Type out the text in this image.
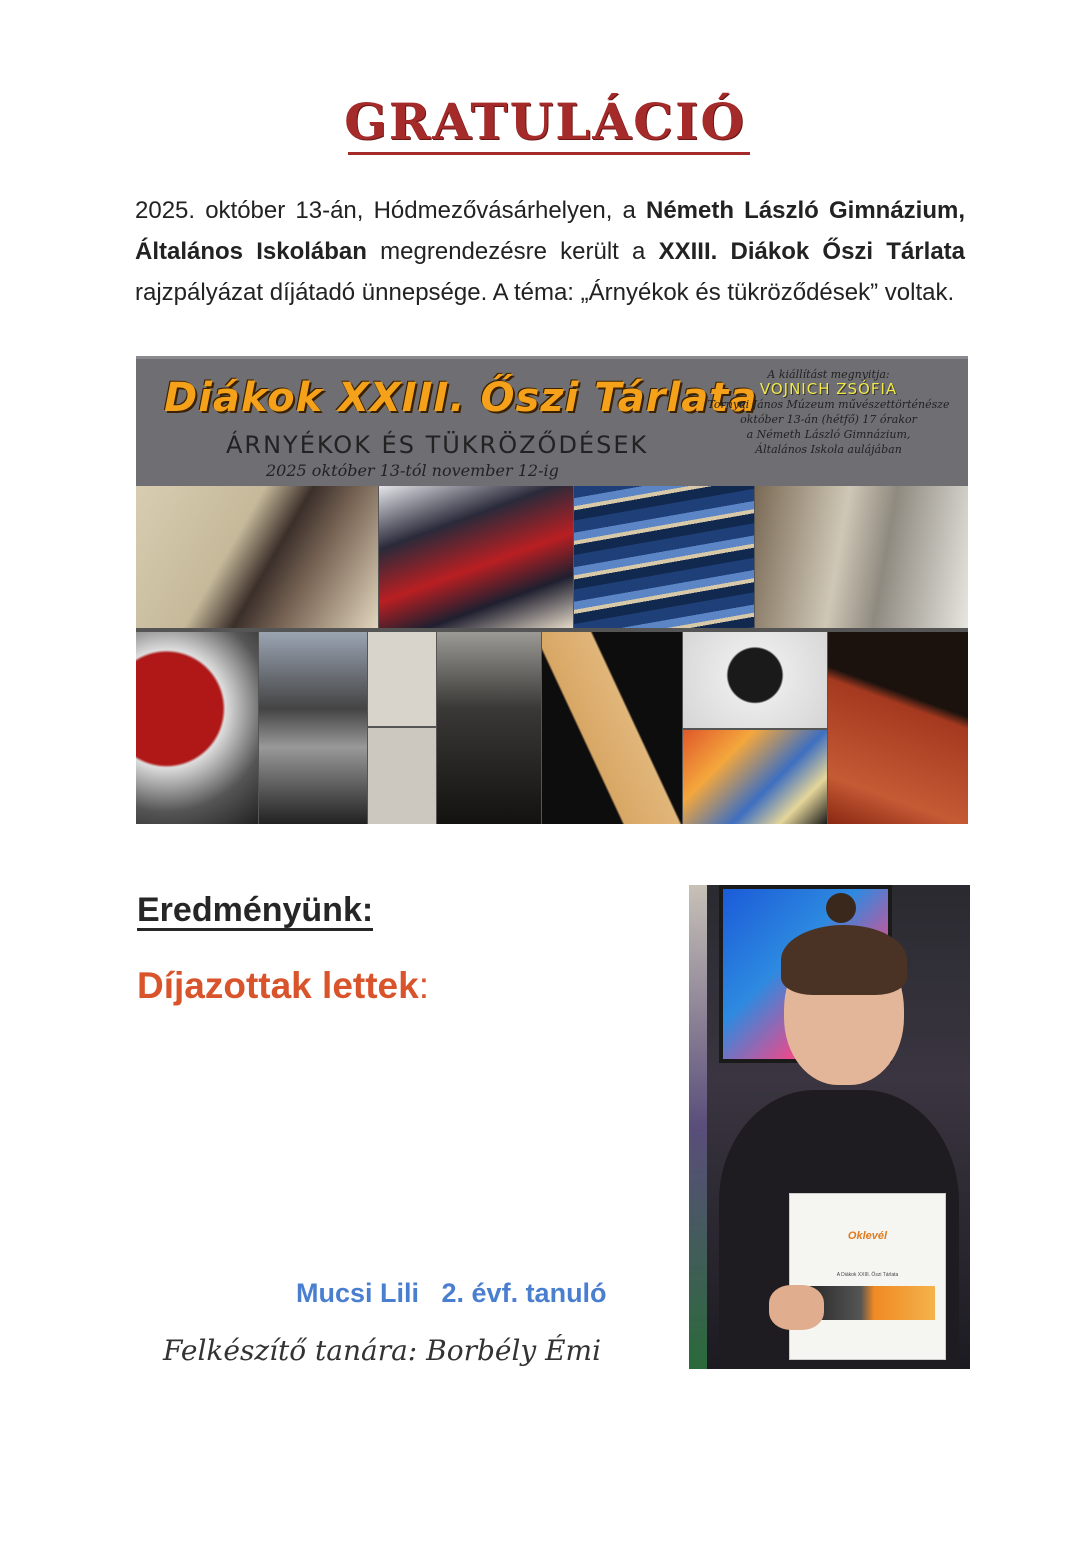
GRATULÁCIÓ
2025. október 13-án, Hódmezővásárhelyen, a Németh László Gimnázium, Általános Iskolában megrendezésre került a XXIII. Diákok Őszi Tárlata rajzpályázat díjátadó ünnepsége. A téma: „Árnyékok és tükröződések” voltak.
Diákok XXIII. Őszi Tárlata
ÁRNYÉKOK ÉS TÜKRÖZŐDÉSEK
2025 október 13-tól november 12-ig
A kiállítást megnyitja:
VOJNICH ZSÓFIA
Tornyai János Múzeum művészettörténésze
október 13-án (hétfő) 17 órakor
a Németh László Gimnázium,
Általános Iskola aulájában
Eredményünk:
Díjazottak lettek:
Mucsi Lili   2. évf. tanuló
Felkészítő tanára: Borbély Émi
Oklevél
A Diákok XXIII. Őszi Tárlata
